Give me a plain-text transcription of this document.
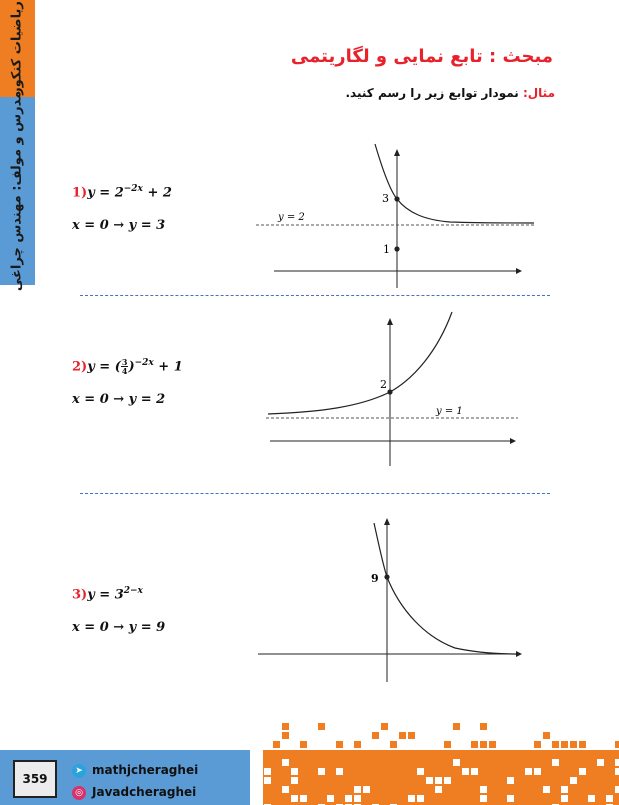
ریاضیات کنکور
مدرس و مولف: مهندس چراغی
مبحث : تابع نمایی و لگاریتمی
مثال: نمودار توابع زیر را رسم کنید.
$1)y = 2^{-2x} + 2$
x = 0 → y = 3
3
1
y = 2
2)y = ( $\frac{3}{4})^{-2x} + 1$
x = 0 → y = 2
2
y = 1
$3)y = 3^{2-x}$
x = 0 → y = 9
9
359
➤ mathjcheraghei
◎ Javadcheraghei
